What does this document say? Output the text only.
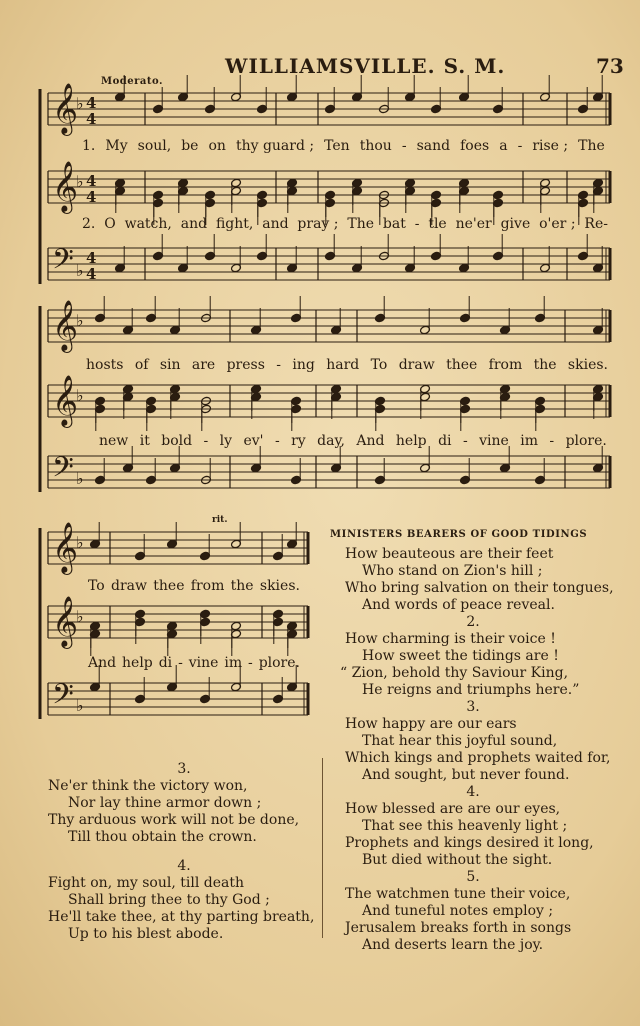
WILLIAMSVILLE. S. M.	73
Moderato.
rit.
𝄞
♭ 4
4
𝄞
♭ 4
4
𝄢 ♭
4
4
𝄞
♭
𝄞
♭
𝄢 ♭
𝄞
♭
𝄞
♭
𝄢 ♭
1. My soul, be on thy guard ; Ten thou - sand foes a - rise ; The
2. O watch, and fight, and pray ; The bat - tle ne'er give o'er ; Re-
hosts of sin are press - ing hard To draw thee from the skies.
new it bold - ly ev' - ry day, And help di - vine im - plore.
To draw thee from the skies.
And help di - vine im - plore.
MINISTERS BEARERS OF GOOD TIDINGS
How beauteous are their feet
Who stand on Zion's hill ;
Who bring salvation on their tongues,
And words of peace reveal.
2.
How charming is their voice !
How sweet the tidings are !
“ Zion, behold thy Saviour King,
He reigns and triumphs here.”
3.
How happy are our ears
That hear this joyful sound,
Which kings and prophets waited for,
And sought, but never found.
4.
How blessed are are our eyes,
That see this heavenly light ;
Prophets and kings desired it long,
But died without the sight.
5.
The watchmen tune their voice,
And tuneful notes employ ;
Jerusalem breaks forth in songs
And deserts learn the joy.
3.
Ne'er think the victory won,
Nor lay thine armor down ;
Thy arduous work will not be done,
Till thou obtain the crown.
4.
Fight on, my soul, till death
Shall bring thee to thy God ;
He'll take thee, at thy parting breath,
Up to his blest abode.
